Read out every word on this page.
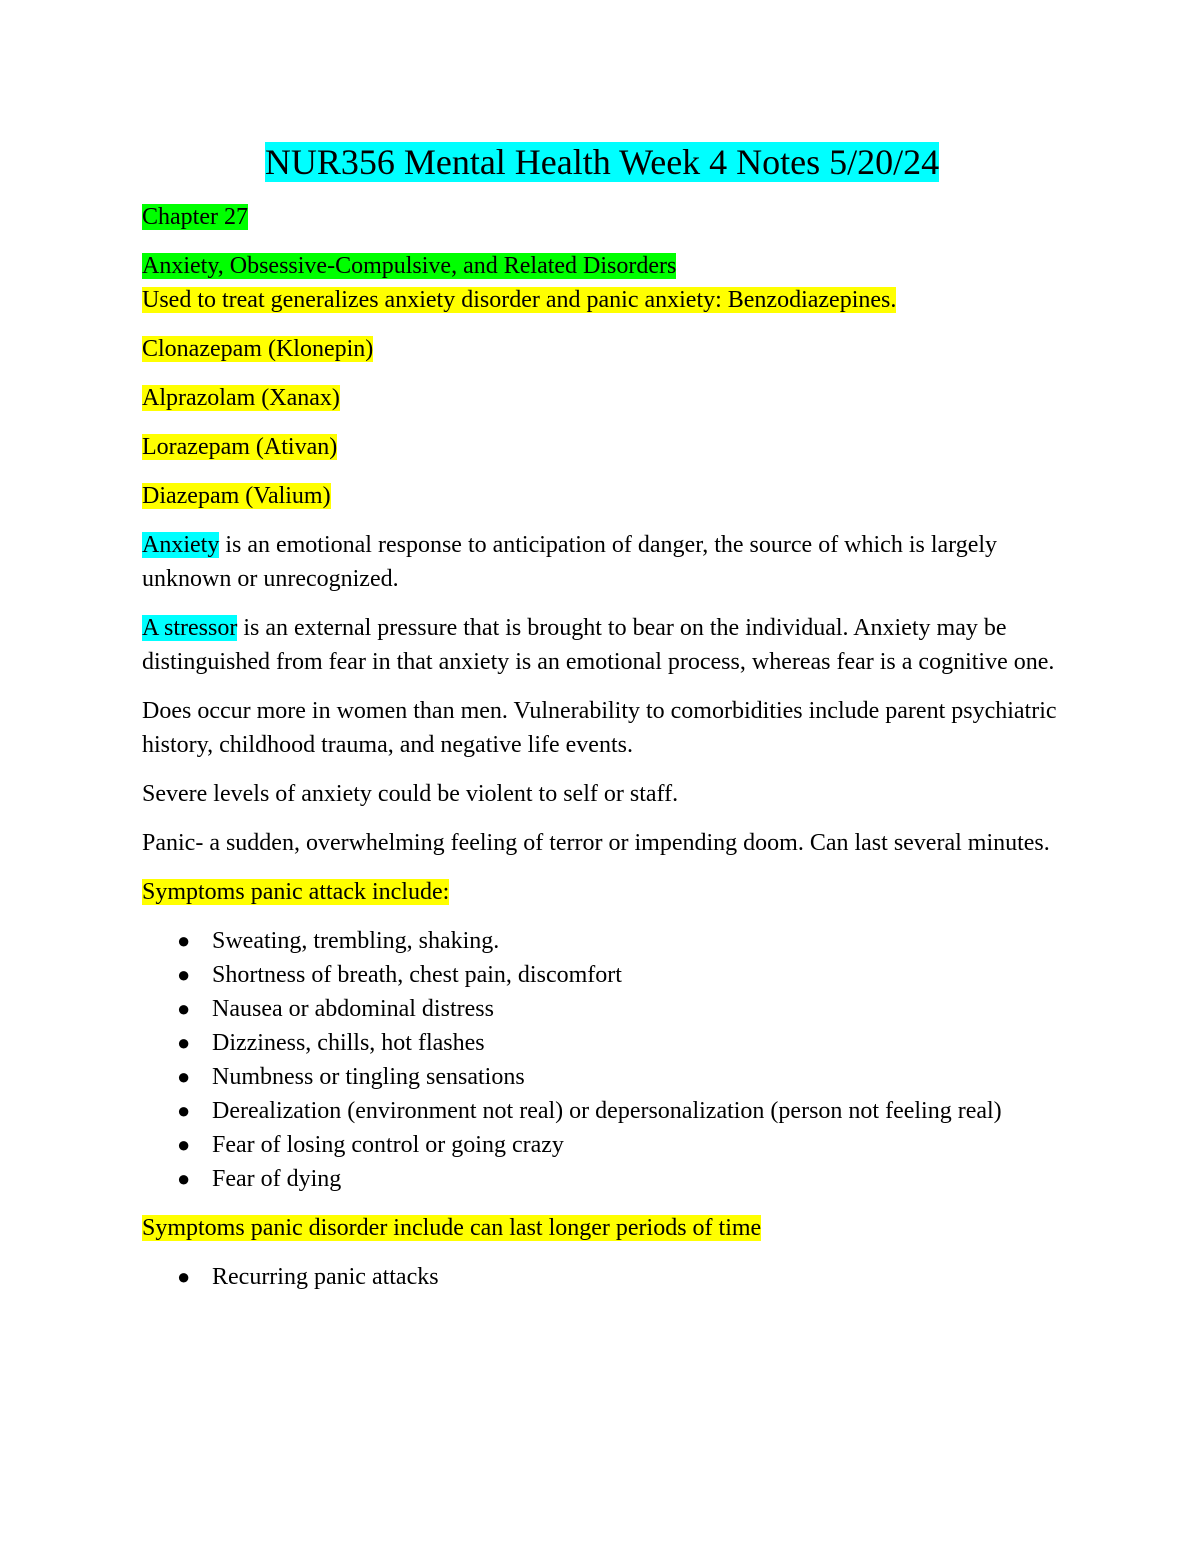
NUR356 Mental Health Week 4 Notes 5/20/24

Chapter 27

Anxiety, Obsessive-Compulsive, and Related Disorders

Used to treat generalizes anxiety disorder and panic anxiety: Benzodiazepines.

Clonazepam (Klonepin)

Alprazolam (Xanax)

Lorazepam (Ativan)

Diazepam (Valium)

Anxiety is an emotional response to anticipation of danger, the source of which is largely unknown or unrecognized.

A stressor is an external pressure that is brought to bear on the individual. Anxiety may be distinguished from fear in that anxiety is an emotional process, whereas fear is a cognitive one.

Does occur more in women than men. Vulnerability to comorbidities include parent psychiatric history, childhood trauma, and negative life events.

Severe levels of anxiety could be violent to self or staff.

Panic- a sudden, overwhelming feeling of terror or impending doom. Can last several minutes.

Symptoms panic attack include:

● Sweating, trembling, shaking.
● Shortness of breath, chest pain, discomfort
● Nausea or abdominal distress
● Dizziness, chills, hot flashes
● Numbness or tingling sensations
● Derealization (environment not real) or depersonalization (person not feeling real)
● Fear of losing control or going crazy
● Fear of dying

Symptoms panic disorder include can last longer periods of time

● Recurring panic attacks
